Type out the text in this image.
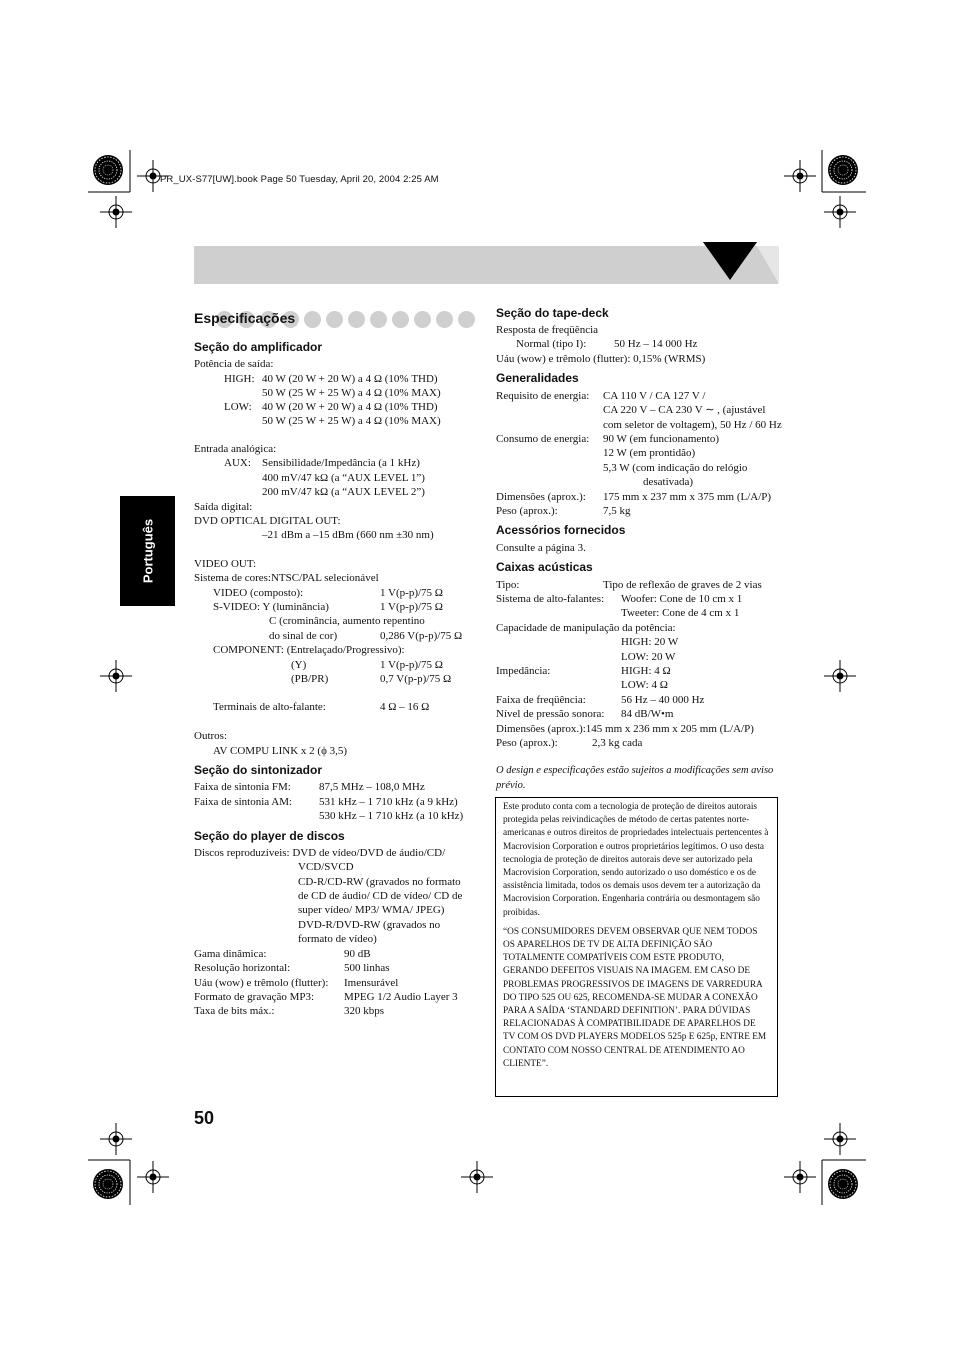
PR_UX-S77[UW].book Page 50 Tuesday, April 20, 2004 2:25 AM
Português
Especificações
Seção do amplificador
Seção do sintonizador
Seção do player de discos
Seção do tape-deck
Generalidades
Acessórios fornecidos
Caixas acústicas
Potência de saída:
HIGH: 40 W (20 W + 20 W) a 4 Ω (10% THD)
50 W (25 W + 25 W) a 4 Ω (10% MAX)
LOW: 40 W (20 W + 20 W) a 4 Ω (10% THD)
50 W (25 W + 25 W) a 4 Ω (10% MAX)
Entrada analógica:
AUX: Sensibilidade/Impedância (a 1 kHz)
400 mV/47 kΩ (a “AUX LEVEL 1”)
200 mV/47 kΩ (a “AUX LEVEL 2”)
Saída digital:
DVD OPTICAL DIGITAL OUT:
–21 dBm a –15 dBm (660 nm ±30 nm)
VIDEO OUT:
Sistema de cores:NTSC/PAL selecionável
VIDEO (composto):	1 V(p-p)/75 Ω
S-VIDEO: Y (luminância)	1 V(p-p)/75 Ω
C (crominância, aumento repentino
do sinal de cor)	0,286 V(p-p)/75 Ω
COMPONENT: (Entrelaçado/Progressivo):
(Y)	1 V(p-p)/75 Ω
(PB/PR)	0,7 V(p-p)/75 Ω
Terminais de alto-falante:	4 Ω – 16 Ω
Outros:
AV COMPU LINK x 2 (ϕ 3,5)
Faixa de sintonia FM:	87,5 MHz – 108,0 MHz
Faixa de sintonia AM: 531 kHz – 1 710 kHz (a 9 kHz)
530 kHz – 1 710 kHz (a 10 kHz)
Discos reproduzíveis: DVD de vídeo/DVD de áudio/CD/
VCD/SVCD
CD-R/CD-RW (gravados no formato
de CD de áudio/ CD de vídeo/ CD de
super vídeo/ MP3/ WMA/ JPEG)
DVD-R/DVD-RW (gravados no
formato de vídeo)
Gama dinâmica:	90 dB
Resolução horizontal:	500 linhas
Uáu (wow) e trêmolo (flutter): Imensurável
Formato de gravação MP3:	MPEG 1/2 Audio Layer 3
Taxa de bits máx.:	320 kbps
Resposta de freqüência
Normal (tipo I):	50 Hz – 14 000 Hz
Uáu (wow) e trêmolo (flutter): 0,15% (WRMS)
Requisito de energia: CA 110 V / CA 127 V /
CA 220 V – CA 230 V ∼ , (ajustável
com seletor de voltagem), 50 Hz / 60 Hz
Consumo de energia: 90 W (em funcionamento)
12 W (em prontidão)
5,3 W (com indicação do relógio
desativada)
Dimensões (aprox.): 175 mm x 237 mm x 375 mm (L/A/P)
Peso (aprox.):	7,5 kg
Consulte a página 3.
Tipo:	Tipo de reflexão de graves de 2 vias
Sistema de alto-falantes: Woofer: Cone de 10 cm x 1
Tweeter: Cone de 4 cm x 1
Capacidade de manipulação da potência:
HIGH: 20 W
LOW: 20 W
Impedância:	HIGH: 4 Ω
LOW: 4 Ω
Faixa de freqüência:	56 Hz – 40 000 Hz
Nível de pressão sonora: 84 dB/W•m
Dimensões (aprox.):145 mm x 236 mm x 205 mm (L/A/P)
Peso (aprox.):	2,3 kg cada
O design e especificações estão sujeitos a modificações sem aviso prévio.

Este produto conta com a tecnologia de proteção de direitos autorais protegida pelas reivindicações de método de certas patentes norte-americanas e outros direitos de propriedades intelectuais pertencentes à Macrovision Corporation e outros proprietários legítimos. O uso desta tecnologia de proteção de direitos autorais deve ser autorizado pela Macrovision Corporation, sendo autorizado o uso doméstico e os de assistência limitada, todos os demais usos devem ter a autorização da Macrovision Corporation. Engenharia contrária ou desmontagem são proibidas.

“OS CONSUMIDORES DEVEM OBSERVAR QUE NEM TODOS OS APARELHOS DE TV DE ALTA DEFINIÇÃO SÃO TOTALMENTE COMPATÍVEIS COM ESTE PRODUTO, GERANDO DEFEITOS VISUAIS NA IMAGEM. EM CASO DE PROBLEMAS PROGRESSIVOS DE IMAGENS DE VARREDURA DO TIPO 525 OU 625, RECOMENDA-SE MUDAR A CONEXÃO PARA A SAÍDA ‘STANDARD DEFINITION’. PARA DÚVIDAS RELACIONADAS À COMPATIBILIDADE DE APARELHOS DE TV COM OS DVD PLAYERS MODELOS 525p E 625p, ENTRE EM CONTATO COM NOSSO CENTRAL DE ATENDIMENTO AO CLIENTE”.

50
